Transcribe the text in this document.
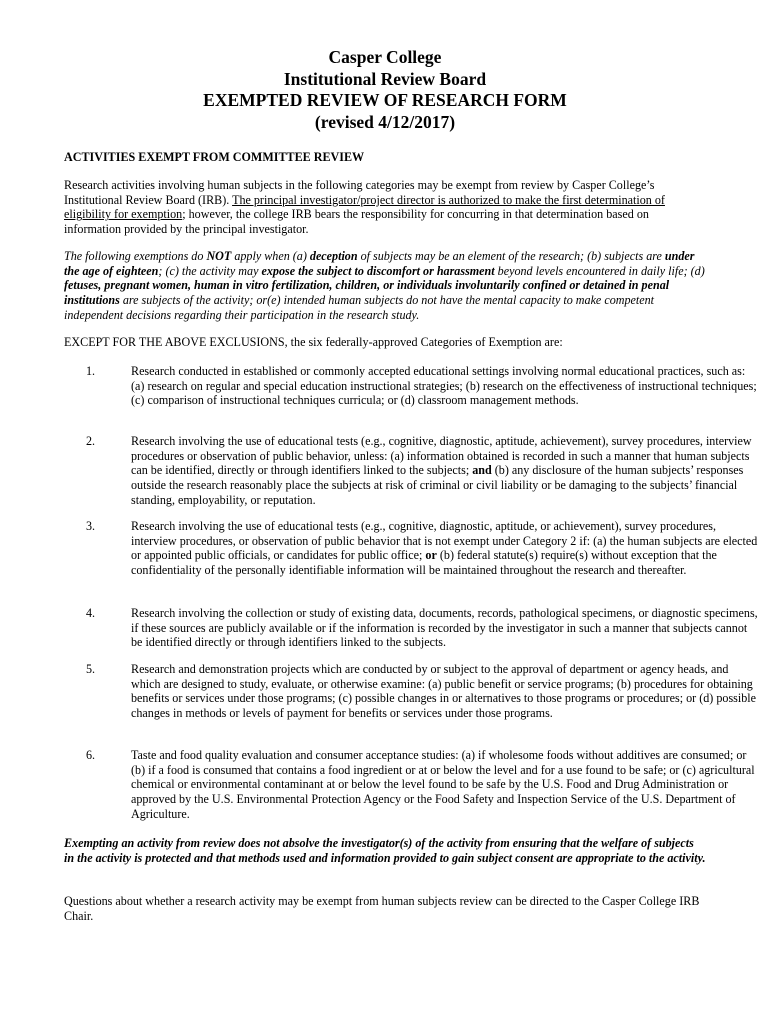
Casper College
Institutional Review Board
EXEMPTED REVIEW OF RESEARCH FORM
(revised 4/12/2017)
ACTIVITIES EXEMPT FROM COMMITTEE REVIEW
Research activities involving human subjects in the following categories may be exempt from review by Casper College’s Institutional Review Board (IRB). The principal investigator/project director is authorized to make the first determination of eligibility for exemption; however, the college IRB bears the responsibility for concurring in that determination based on information provided by the principal investigator.
The following exemptions do NOT apply when (a) deception of subjects may be an element of the research; (b) subjects are under the age of eighteen; (c) the activity may expose the subject to discomfort or harassment beyond levels encountered in daily life; (d) fetuses, pregnant women, human in vitro fertilization, children, or individuals involuntarily confined or detained in penal institutions are subjects of the activity; or(e) intended human subjects do not have the mental capacity to make competent independent decisions regarding their participation in the research study.
EXCEPT FOR THE ABOVE EXCLUSIONS, the six federally-approved Categories of Exemption are:
1.	Research conducted in established or commonly accepted educational settings involving normal educational practices, such as: (a) research on regular and special education instructional strategies; (b) research on the effectiveness of instructional techniques; (c) comparison of instructional techniques curricula; or (d) classroom management methods.
2.	Research involving the use of educational tests (e.g., cognitive, diagnostic, aptitude, achievement), survey procedures, interview procedures or observation of public behavior, unless: (a) information obtained is recorded in such a manner that human subjects can be identified, directly or through identifiers linked to the subjects; and (b) any disclosure of the human subjects’ responses outside the research reasonably place the subjects at risk of criminal or civil liability or be damaging to the subjects’ financial standing, employability, or reputation.
3.	Research involving the use of educational tests (e.g., cognitive, diagnostic, aptitude, or achievement), survey procedures, interview procedures, or observation of public behavior that is not exempt under Category 2 if: (a) the human subjects are elected or appointed public officials, or candidates for public office; or (b) federal statute(s) require(s) without exception that the confidentiality of the personally identifiable information will be maintained throughout the research and thereafter.
4.	Research involving the collection or study of existing data, documents, records, pathological specimens, or diagnostic specimens, if these sources are publicly available or if the information is recorded by the investigator in such a manner that subjects cannot be identified directly or through identifiers linked to the subjects.
5.	Research and demonstration projects which are conducted by or subject to the approval of department or agency heads, and which are designed to study, evaluate, or otherwise examine: (a) public benefit or service programs; (b) procedures for obtaining benefits or services under those programs; (c) possible changes in or alternatives to those programs or procedures; or (d) possible changes in methods or levels of payment for benefits or services under those programs.
6.	Taste and food quality evaluation and consumer acceptance studies: (a) if wholesome foods without additives are consumed; or (b) if a food is consumed that contains a food ingredient or at or below the level and for a use found to be safe; or (c) agricultural chemical or environmental contaminant at or below the level found to be safe by the U.S. Food and Drug Administration or approved by the U.S. Environmental Protection Agency or the Food Safety and Inspection Service of the U.S. Department of Agriculture.
Exempting an activity from review does not absolve the investigator(s) of the activity from ensuring that the welfare of subjects in the activity is protected and that methods used and information provided to gain subject consent are appropriate to the activity.
Questions about whether a research activity may be exempt from human subjects review can be directed to the Casper College IRB Chair.
